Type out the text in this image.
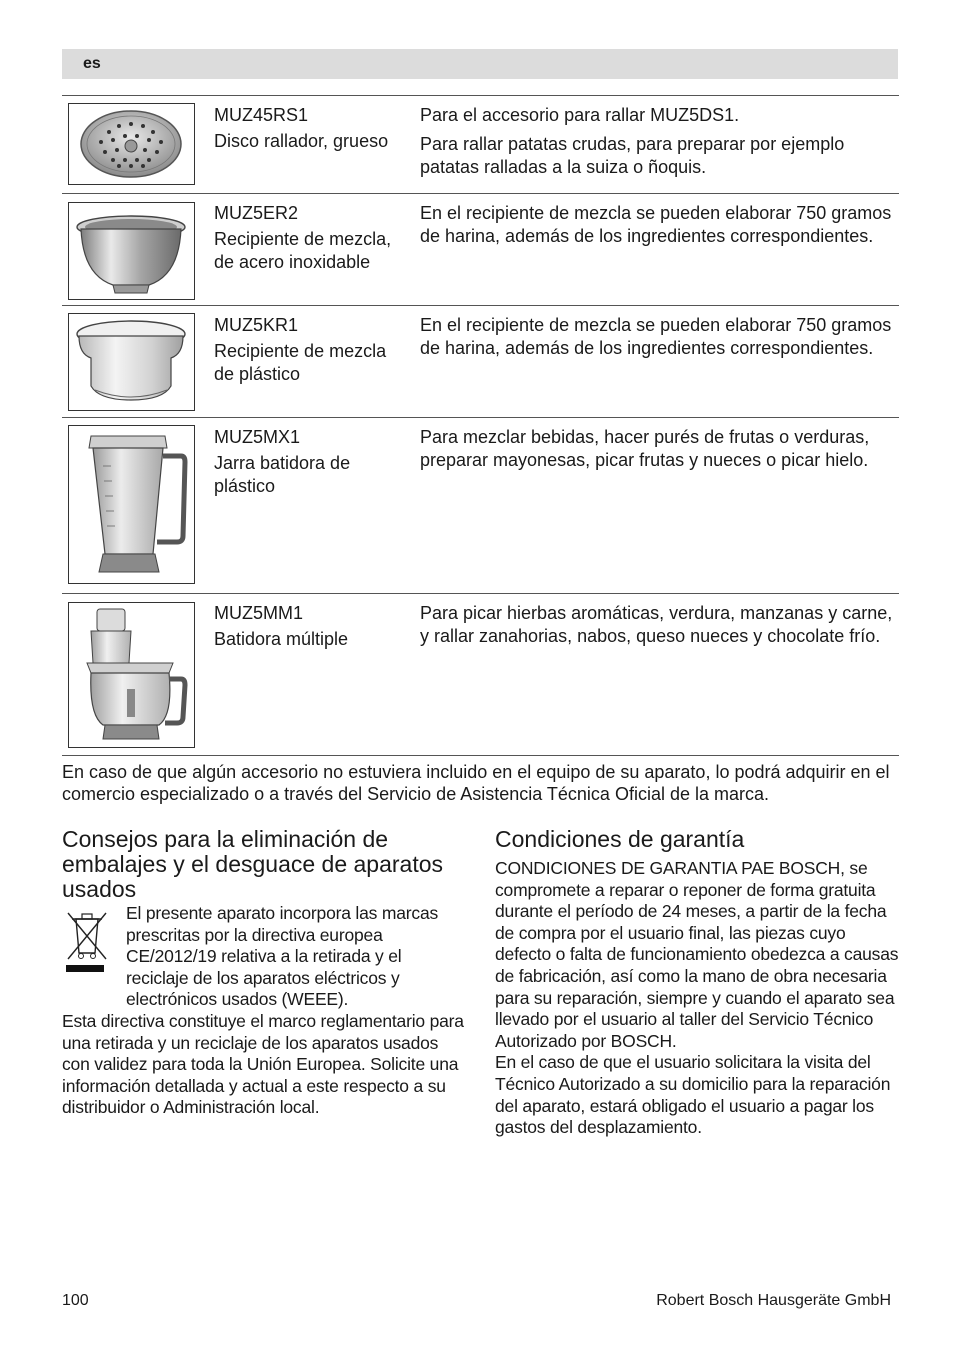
es
MUZ45RS1
Disco rallador, grueso

Para el accesorio para rallar MUZ5DS1.

Para rallar patatas crudas, para preparar por ejemplo patatas ralladas a la suiza o ñoquis.

MUZ5ER2
Recipiente de mezcla, de acero inoxidable

En el recipiente de mezcla se pueden elaborar 750 gramos de harina, además de los ingredientes correspondientes.

MUZ5KR1
Recipiente de mezcla de plástico

En el recipiente de mezcla se pueden elaborar 750 gramos de harina, además de los ingredientes correspondientes.

MUZ5MX1
Jarra batidora de plástico

Para mezclar bebidas, hacer purés de frutas o verduras, preparar mayonesas, picar frutas y nueces o picar hielo.

MUZ5MM1
Batidora múltiple

Para picar hierbas aromáticas, verdura, manzanas y carne, y rallar zanahorias, nabos, queso nueces y chocolate frío.

En caso de que algún accesorio no estuviera incluido en el equipo de su aparato, lo podrá adquirir en el comercio especializado o a través del Servicio de Asistencia Técnica Oficial de la marca.

Consejos para la eliminación de embalajes y el desguace de aparatos usados

El presente aparato incorpora las marcas prescritas por la directiva europea CE/2012/19 relativa a la retirada y el reciclaje de los aparatos eléctricos y electrónicos usados (WEEE).
Esta directiva constituye el marco reglamentario para una retirada y un reciclaje de los aparatos usados con validez para toda la Unión Europea. Solicite una información detallada y actual a este respecto a su distribuidor o Administración local.

Condiciones de garantía

CONDICIONES DE GARANTIA PAE BOSCH, se compromete a reparar o reponer de forma gratuita durante el período de 24 meses, a partir de la fecha de compra por el usuario final, las piezas cuyo defecto o falta de funcionamiento obedezca a causas de fabricación, así como la mano de obra necesaria para su reparación, siempre y cuando el aparato sea llevado por el usuario al taller del Servicio Técnico Autorizado por BOSCH.
En el caso de que el usuario solicitara la visita del Técnico Autorizado a su domicilio para la reparación del aparato, estará obligado el usuario a pagar los gastos del desplazamiento.

100	Robert Bosch Hausgeräte GmbH
